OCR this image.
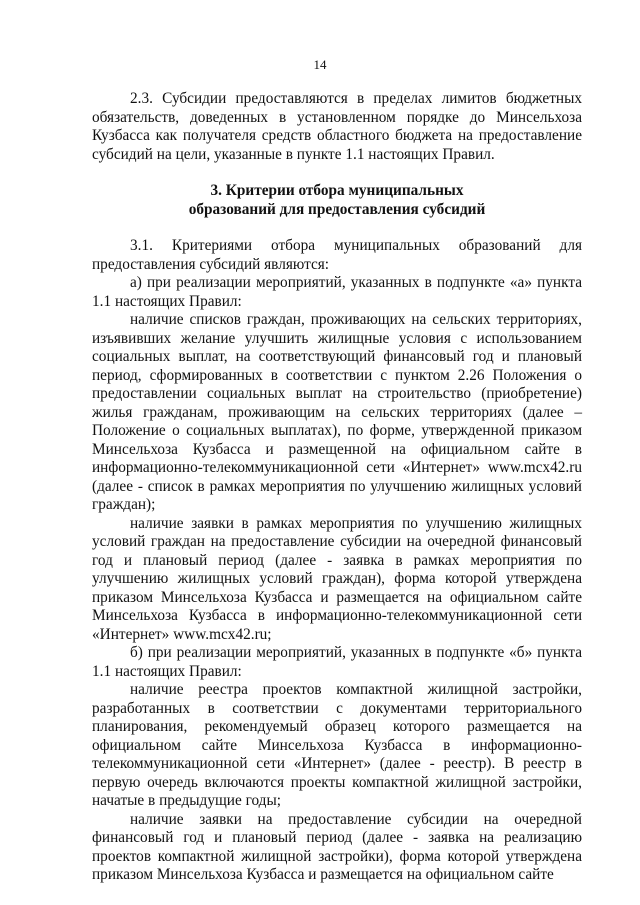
14

2.3. Субсидии предоставляются в пределах лимитов бюджетных обязательств, доведенных в установленном порядке до Минсельхоза Кузбасса как получателя средств областного бюджета на предоставление субсидий на цели, указанные в пункте 1.1 настоящих Правил.

3. Критерии отбора муниципальных
образований для предоставления субсидий

3.1. Критериями отбора муниципальных образований для предоставления субсидий являются:

а) при реализации мероприятий, указанных в подпункте «а» пункта 1.1 настоящих Правил:

наличие списков граждан, проживающих на сельских территориях, изъявивших желание улучшить жилищные условия с использованием социальных выплат, на соответствующий финансовый год и плановый период, сформированных в соответствии с пунктом 2.26 Положения о предоставлении социальных выплат на строительство (приобретение) жилья гражданам, проживающим на сельских территориях (далее – Положение о социальных выплатах), по форме, утвержденной приказом Минсельхоза Кузбасса и размещенной на официальном сайте в информационно-телекоммуникационной сети «Интернет» www.mcx42.ru (далее - список в рамках мероприятия по улучшению жилищных условий граждан);

наличие заявки в рамках мероприятия по улучшению жилищных условий граждан на предоставление субсидии на очередной финансовый год и плановый период (далее - заявка в рамках мероприятия по улучшению жилищных условий граждан), форма которой утверждена приказом Минсельхоза Кузбасса и размещается на официальном сайте Минсельхоза Кузбасса в информационно-телекоммуникационной сети «Интернет» www.mcx42.ru;

б) при реализации мероприятий, указанных в подпункте «б» пункта 1.1 настоящих Правил:

наличие реестра проектов компактной жилищной застройки, разработанных в соответствии с документами территориального планирования, рекомендуемый образец которого размещается на официальном сайте Минсельхоза Кузбасса в информационно-телекоммуникационной сети «Интернет» (далее - реестр). В реестр в первую очередь включаются проекты компактной жилищной застройки, начатые в предыдущие годы;

наличие заявки на предоставление субсидии на очередной финансовый год и плановый период (далее - заявка на реализацию проектов компактной жилищной застройки), форма которой утверждена приказом Минсельхоза Кузбасса и размещается на официальном сайте
